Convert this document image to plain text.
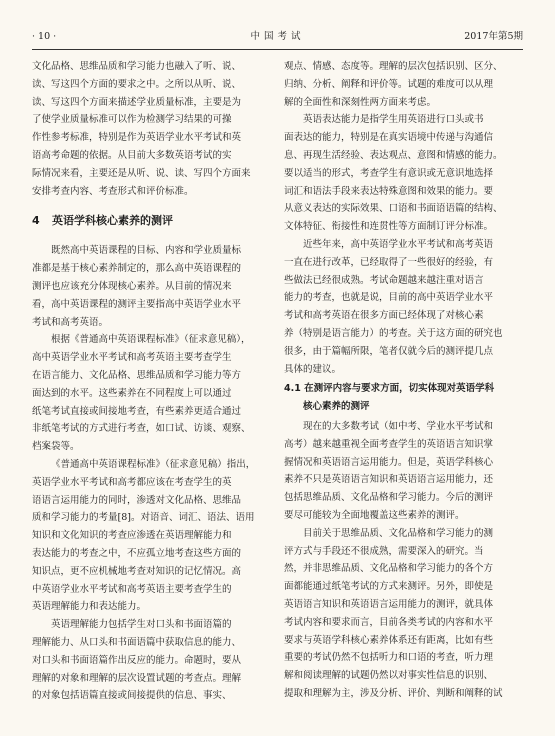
· 10 ·	中国考试	2017年第5期

文化品格、思维品质和学习能力也融入了听、说、

读、写这四个方面的要求之中。之所以从听、说、

读、写这四个方面来描述学业质量标准，主要是为

了使学业质量标准可以作为检测学习结果的可操

作性参考标准，特别是作为英语学业水平考试和英

语高考命题的依据。从目前大多数英语考试的实

际情况来看，主要还是从听、说、读、写四个方面来

安排考查内容、考查形式和评价标准。

4 英语学科核心素养的测评

既然高中英语课程的目标、内容和学业质量标

准都是基于核心素养制定的，那么高中英语课程的

测评也应该充分体现核心素养。从目前的情况来

看，高中英语课程的测评主要指高中英语学业水平

考试和高考英语。

根据《普通高中英语课程标准》（征求意见稿），

高中英语学业水平考试和高考英语主要考查学生

在语言能力、文化品格、思维品质和学习能力等方

面达到的水平。这些素养在不同程度上可以通过

纸笔考试直接或间接地考查，有些素养更适合通过

非纸笔考试的方式进行考查，如口试、访谈、观察、

档案袋等。

《普通高中英语课程标准》（征求意见稿）指出，

英语学业水平考试和高考都应该在考查学生的英

语语言运用能力的同时，渗透对文化品格、思维品

质和学习能力的考量[8]。对语音、词汇、语法、语用

知识和文化知识的考查应渗透在英语理解能力和

表达能力的考查之中，不应孤立地考查这些方面的

知识点，更不应机械地考查对知识的记忆情况。高

中英语学业水平考试和高考英语主要考查学生的

英语理解能力和表达能力。

英语理解能力包括学生对口头和书面语篇的

理解能力、从口头和书面语篇中获取信息的能力、

对口头和书面语篇作出反应的能力。命题时，要从

理解的对象和理解的层次设置试题的考查点。理解

的对象包括语篇直接或间接提供的信息、事实、

观点、情感、态度等。理解的层次包括识别、区分、

归纳、分析、阐释和评价等。试题的难度可以从理

解的全面性和深刻性两方面来考虑。

英语表达能力是指学生用英语进行口头或书

面表达的能力，特别是在真实语境中传递与沟通信

息、再现生活经验、表达观点、意图和情感的能力。

要以适当的形式，考查学生有意识或无意识地选择

词汇和语法手段来表达特殊意图和效果的能力。要

从意义表达的实际效果、口语和书面语语篇的结构、

文体特征、衔接性和连贯性等方面制订评分标准。

近些年来，高中英语学业水平考试和高考英语

一直在进行改革，已经取得了一些很好的经验，有

些做法已经很成熟。考试命题越来越注重对语言

能力的考查，也就是说，目前的高中英语学业水平

考试和高考英语在很多方面已经体现了对核心素

养（特别是语言能力）的考查。关于这方面的研究也

很多，由于篇幅所限，笔者仅就今后的测评提几点

具体的建议。

4.1 在测评内容与要求方面，切实体现对英语学科
核心素养的测评

现在的大多数考试（如中考、学业水平考试和

高考）越来越重视全面考查学生的英语语言知识掌

握情况和英语语言运用能力。但是，英语学科核心

素养不只是英语语言知识和英语语言运用能力，还

包括思维品质、文化品格和学习能力。今后的测评

要尽可能较为全面地覆盖这些素养的测评。

目前关于思维品质、文化品格和学习能力的测

评方式与手段还不很成熟，需要深入的研究。当

然，并非思维品质、文化品格和学习能力的各个方

面都能通过纸笔考试的方式来测评。另外，即使是

英语语言知识和英语语言运用能力的测评，就具体

考试内容和要求而言，目前各类考试的内容和水平

要求与英语学科核心素养体系还有距离，比如有些

重要的考试仍然不包括听力和口语的考查，听力理

解和阅读理解的试题仍然以对事实性信息的识别、

提取和理解为主，涉及分析、评价、判断和阐释的试
